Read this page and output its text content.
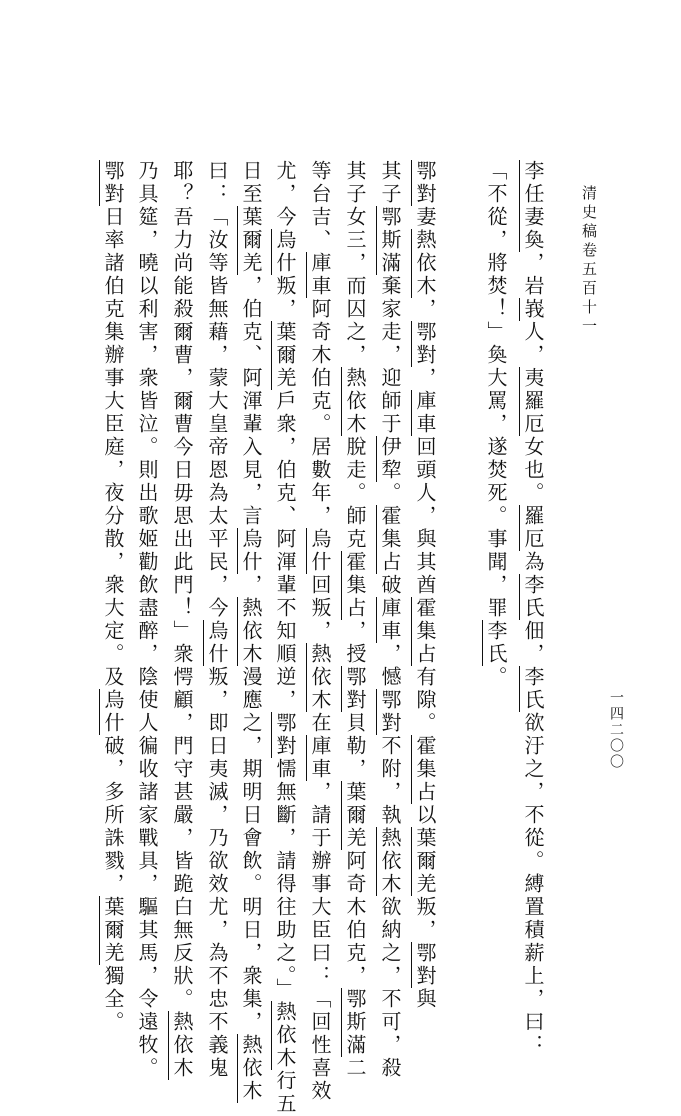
清史稿卷五百十一
一四二〇〇
李任妻奐，岩峩人，夷羅厄女也。羅厄為李氏佃，李氏欲汙之，不從。縛置積薪上，曰：
「不從，將焚！」奐大罵，遂焚死。事聞，罪李氏。
鄂對妻熱依木，鄂對，庫車回頭人，與其酋霍集占有隙。霍集占以葉爾羌叛，鄂對與
其子鄂斯滿棄家走，迎師于伊犂。霍集占破庫車，憾鄂對不附，執熱依木欲納之，不可，殺
其子女三，而囚之，熱依木脫走。師克霍集占，授鄂對貝勒，葉爾羌阿奇木伯克，鄂斯滿二
等台吉、庫車阿奇木伯克。居數年，烏什回叛，熱依木在庫車，請于辦事大臣曰：「回性喜效
尤，今烏什叛，葉爾羌戶衆，伯克、阿渾輩不知順逆，鄂對懦無斷，請得往助之。」熱依木行五
日至葉爾羌，伯克、阿渾輩入見，言烏什，熱依木漫應之，期明日會飲。明日，衆集，熱依木
曰：「汝等皆無藉，蒙大皇帝恩為太平民，今烏什叛，即日夷滅，乃欲效尤，為不忠不義鬼
耶？吾力尚能殺爾曹，爾曹今日毋思出此門！」衆愕顧，門守甚嚴，皆跪白無反狀。熱依木
乃具筵，曉以利害，衆皆泣。則出歌姬勸飲盡醉，陰使人徧收諸家戰具，驅其馬，令遠牧。
鄂對日率諸伯克集辦事大臣庭，夜分散，衆大定。及烏什破，多所誅戮，葉爾羌獨全。
